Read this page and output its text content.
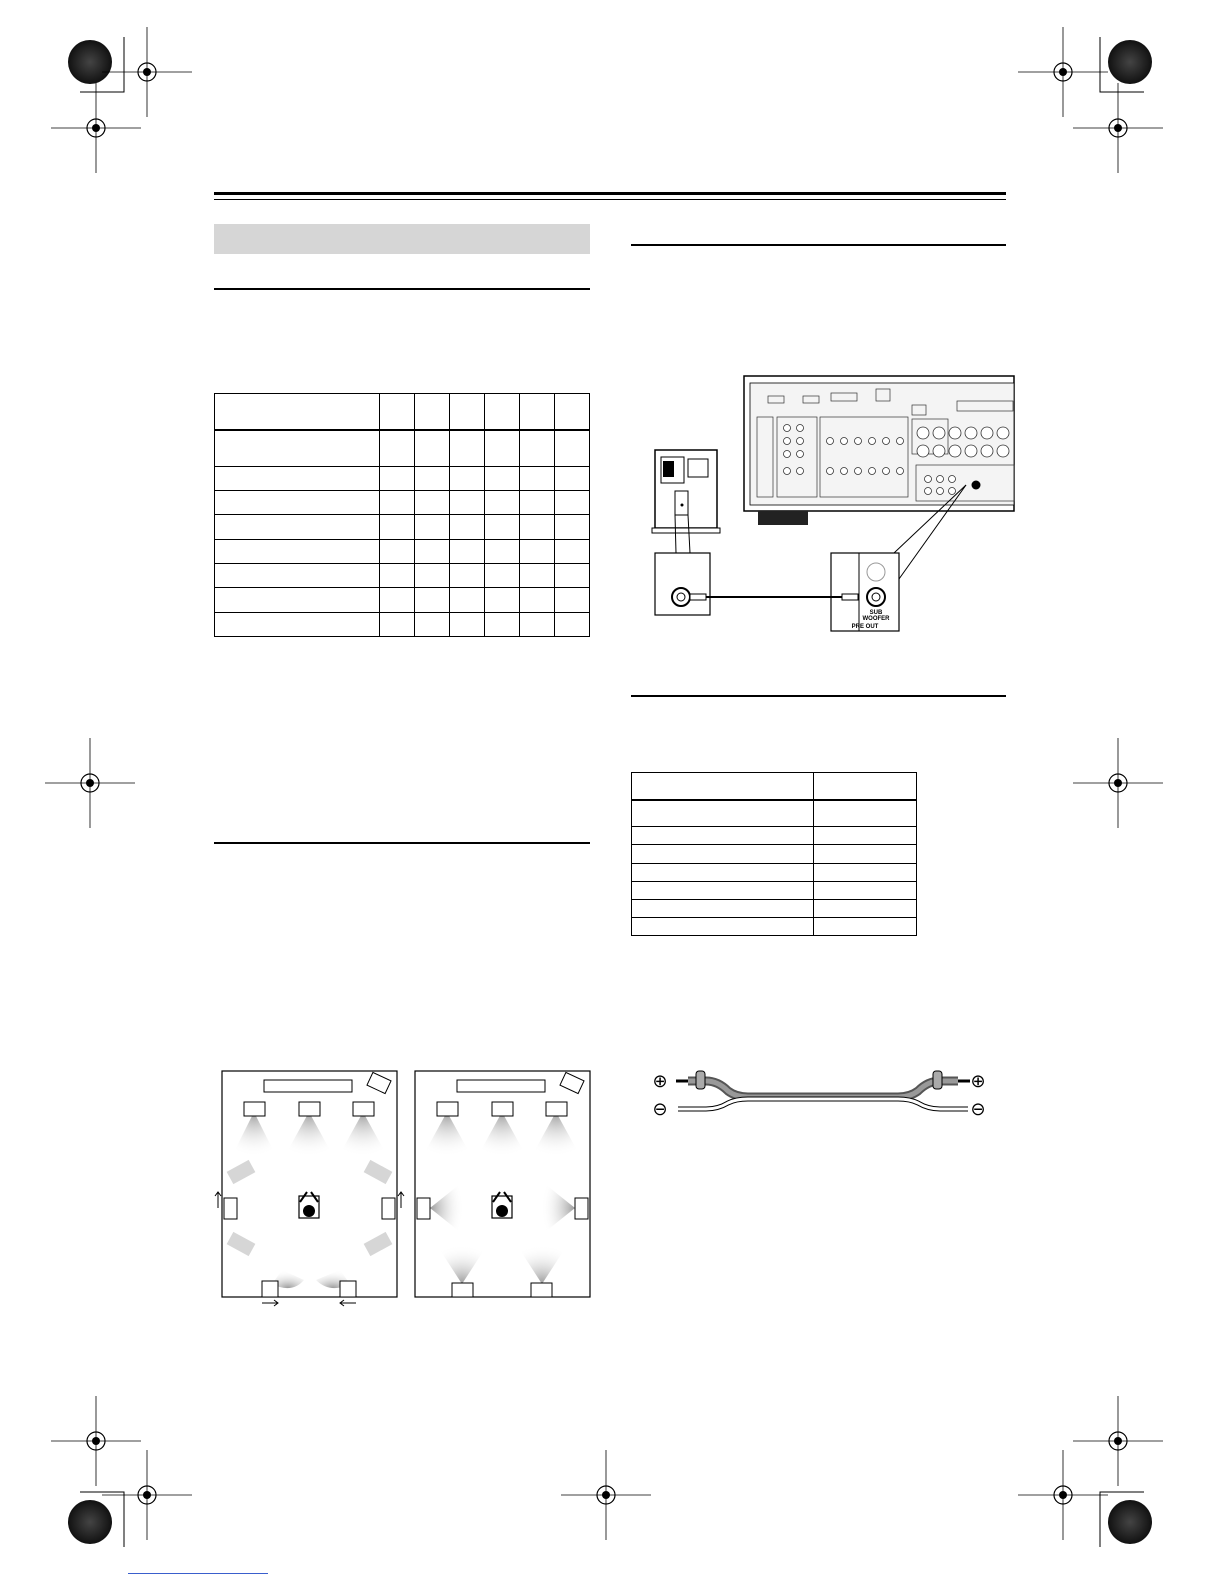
SUB
WOOFER
PRE OUT

⊕
⊖
⊕
⊖
